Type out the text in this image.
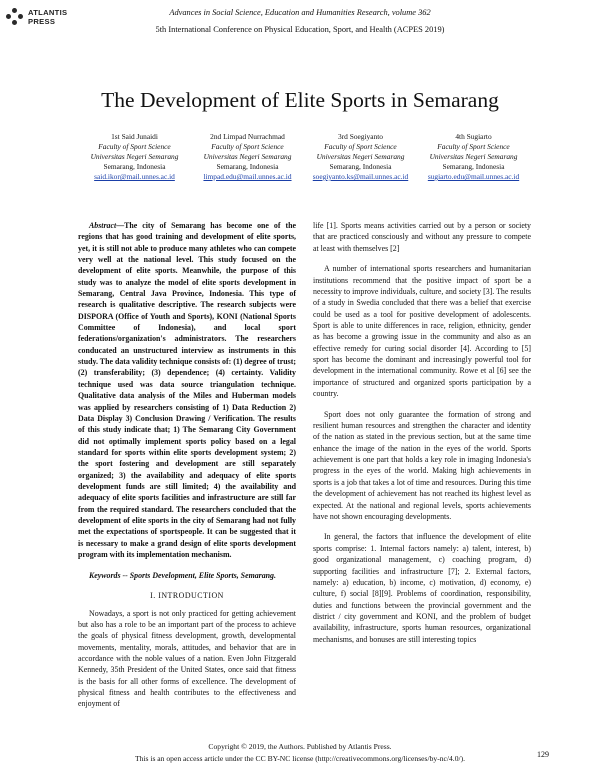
ATLANTIS
PRESS
Advances in Social Science, Education and Humanities Research, volume 362
5th International Conference on Physical Education, Sport, and Health (ACPES 2019)
The Development of Elite Sports in Semarang
1st Said Junaidi
Faculty of Sport Science
Universitas Negeri Semarang
Semarang, Indonesia
said.ikor@mail.unnes.ac.id
2nd Limpad Nurrachmad
Faculty of Sport Science
Universitas Negeri Semarang
Semarang, Indonesia
limpad.edu@mail.unnes.ac.id
3rd Soegiyanto
Faculty of Sport Science
Universitas Negeri Semarang
Semarang, Indonesia
soegiyanto.ks@mail.unnes.ac.id
4th Sugiarto
Faculty of Sport Science
Universitas Negeri Semarang
Semarang, Indonesia
sugiarto.edu@mail.unnes.ac.id

Abstract—The city of Semarang has become one of the regions that has good training and development of elite sports, yet, it is still not able to produce many athletes who can compete very well at the national level. This study focused on the development of elite sports. Meanwhile, the purpose of this study was to analyze the model of elite sports development in Semarang, Central Java Province, Indonesia. This type of research is qualitative descriptive. The research subjects were DISPORA (Office of Youth and Sports), KONI (National Sports Committee of Indonesia), and local sport federations/organization's administrators. The researchers conducated an unstructured interview as instruments in this study. The data validity technique consists of: (1) degree of trust; (2) transferability; (3) dependence; (4) certainty. Validity technique used was data source triangulation technique. Qualitative data analysis of the Miles and Huberman models was applied by researchers consisting of 1) Data Reduction 2) Data Display 3) Conclusion Drawing / Verification. The results of this study indicate that; 1) The Semarang City Government did not optimally implement sports policy based on a legal standard for sports within elite sports development system; 2) the sport fostering and development are still separately organized; 3) the availability and adequacy of elite sports development funds are still limited; 4) the availability and adequacy of elite sports facilities and infrastructure are still far from the required standard. The researchers concluded that the development of elite sports in the city of Semarang had not fully met the expectations of sportspeople. It can be suggested that it is necessary to make a grand design of elite sports development program with its implementation mechanism.

Keywords -- Sports Development, Elite Sports, Semarang.

I. INTRODUCTION

Nowadays, a sport is not only practiced for getting achievement but also has a role to be an important part of the process to achieve the goals of physical fitness development, growth, developmental movements, mentality, morals, attitudes, and behavior that are in accordance with the noble values of a nation. Even John Fitzgerald Kennedy, 35th President of the United States, once said that fitness is the basis for all other forms of excellence. The development of physical fitness and health contributes to the effectiveness and enjoyment of

life [1]. Sports means activities carried out by a person or society that are practiced consciously and without any pressure to compete at least with themselves [2]

A number of international sports researchers and humanitarian institutions recommend that the positive impact of sport be a necessity to improve individuals, culture, and society [3]. The results of a study in Swedia concluded that there was a belief that exercise could be used as a tool for positive development of adolescents. Sport is able to unite differences in race, religion, ethnicity, gender as has become a growing issue in the community and also as an effective remedy for curing social disorder [4]. According to [5] sport has become the dominant and increasingly powerful tool for development in the international community. Rowe et al [6] see the importance of structured and organized sports participation by a country.

Sport does not only guarantee the formation of strong and resilient human resources and strengthen the character and identity of the nation as stated in the previous section, but at the same time enhance the image of the nation in the eyes of the world. Sports achievement is one part that holds a key role in imaging Indonesia's progress in the eyes of the world. Making high achievements in sports is a job that takes a lot of time and resources. During this time the development of achievement has not reached its highest level as expected. At the national and regional levels, sports achievements have not shown encouraging developments.

In general, the factors that influence the development of elite sports comprise: 1. Internal factors namely: a) talent, interest, b) good organizational management, c) coaching program, d) supporting facilities and infrastructure [7]; 2. External factors, namely: a) education, b) income, c) motivation, d) economy, e) culture, f) social [8][9]. Problems of coordination, responsibility, duties and functions between the provincial government and the district / city government and KONI, and the problem of budget availability, infrastructure, sports human resources, organizational mechanisms, and bonuses are still interesting topics

Copyright © 2019, the Authors. Published by Atlantis Press.
This is an open access article under the CC BY-NC license (http://creativecommons.org/licenses/by-nc/4.0/).	129
